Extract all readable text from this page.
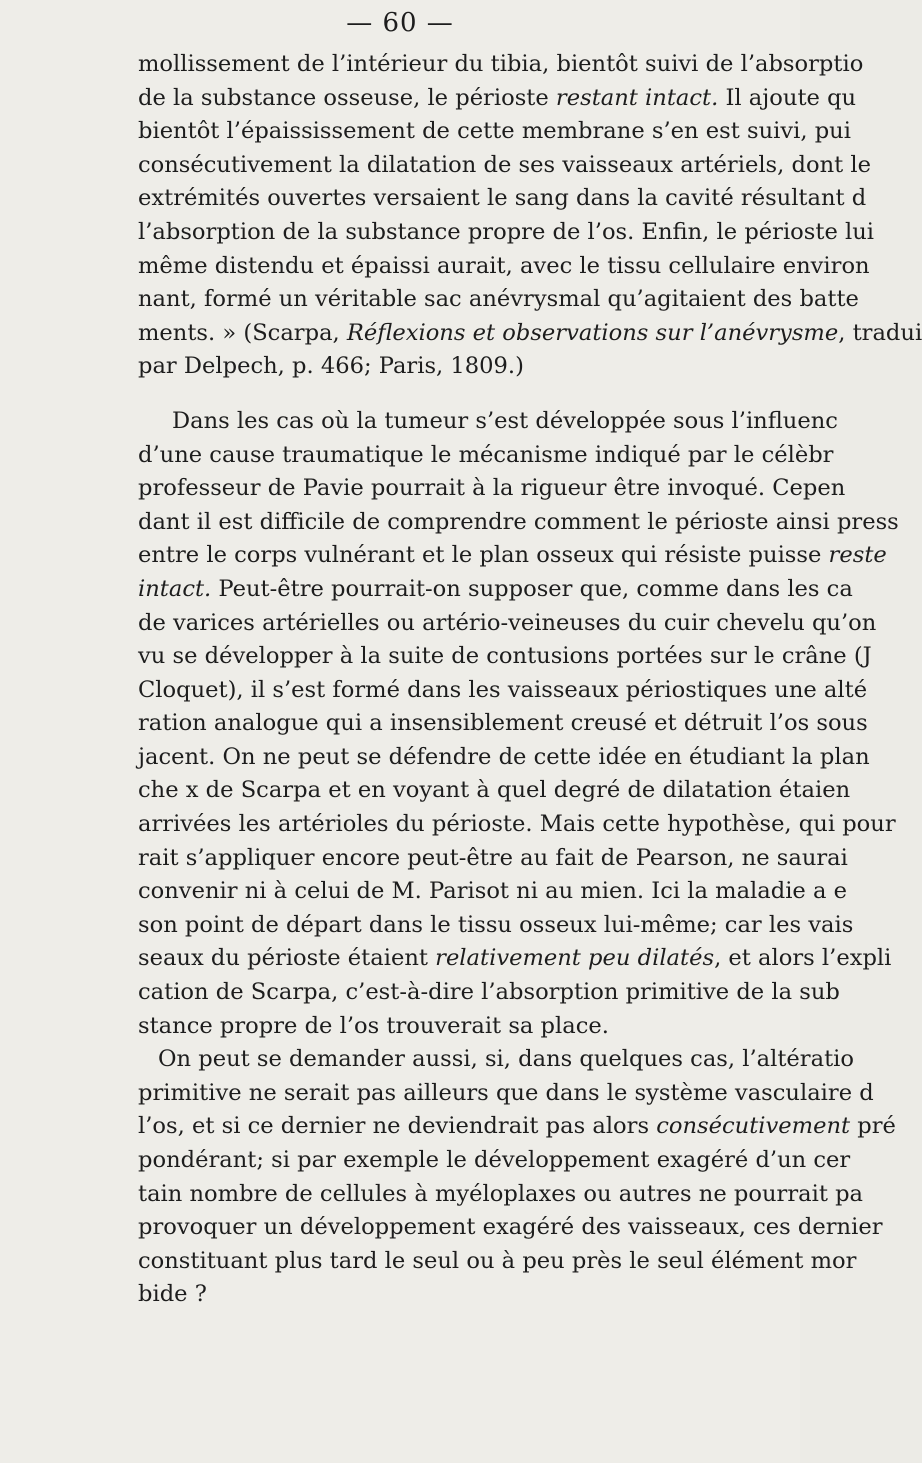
— 60 —
mollissement de l’intérieur du tibia, bientôt suivi de l’absorptio
de la substance osseuse, le périoste restant intact. Il ajoute qu
bientôt l’épaississement de cette membrane s’en est suivi, pui
consécutivement la dilatation de ses vaisseaux artériels, dont le
extrémités ouvertes versaient le sang dans la cavité résultant d
l’absorption de la substance propre de l’os. Enfin, le périoste lui
même distendu et épaissi aurait, avec le tissu cellulaire environ
nant, formé un véritable sac anévrysmal qu’agitaient des batte
ments. » (Scarpa, Réflexions et observations sur l’anévrysme, tradui
par Delpech, p. 466; Paris, 1809.)
Dans les cas où la tumeur s’est développée sous l’influenc
d’une cause traumatique le mécanisme indiqué par le célèbr
professeur de Pavie pourrait à la rigueur être invoqué. Cepen
dant il est difficile de comprendre comment le périoste ainsi press
entre le corps vulnérant et le plan osseux qui résiste puisse reste
intact. Peut-être pourrait-on supposer que, comme dans les ca
de varices artérielles ou artério-veineuses du cuir chevelu qu’on
vu se développer à la suite de contusions portées sur le crâne (J
Cloquet), il s’est formé dans les vaisseaux périostiques une alté
ration analogue qui a insensiblement creusé et détruit l’os sous
jacent. On ne peut se défendre de cette idée en étudiant la plan
che x de Scarpa et en voyant à quel degré de dilatation étaien
arrivées les artérioles du périoste. Mais cette hypothèse, qui pour
rait s’appliquer encore peut-être au fait de Pearson, ne saurai
convenir ni à celui de M. Parisot ni au mien. Ici la maladie a e
son point de départ dans le tissu osseux lui-même; car les vais
seaux du périoste étaient relativement peu dilatés, et alors l’expli
cation de Scarpa, c’est-à-dire l’absorption primitive de la sub
stance propre de l’os trouverait sa place.
On peut se demander aussi, si, dans quelques cas, l’altératio
primitive ne serait pas ailleurs que dans le système vasculaire d
l’os, et si ce dernier ne deviendrait pas alors consécutivement pré
pondérant; si par exemple le développement exagéré d’un cer
tain nombre de cellules à myéloplaxes ou autres ne pourrait pa
provoquer un développement exagéré des vaisseaux, ces dernier
constituant plus tard le seul ou à peu près le seul élément mor
bide ?
